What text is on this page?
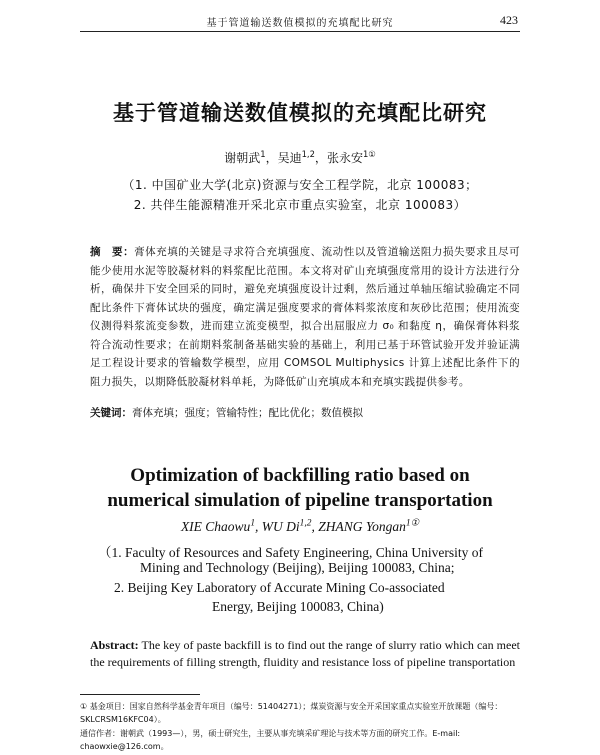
基于管道输送数值模拟的充填配比研究	423
基于管道输送数值模拟的充填配比研究
谢朝武$^1$，吴迪$^{1,2}$，张永安$^{1①}$
（1. 中国矿业大学(北京)资源与安全工程学院，北京 100083；
2. 共伴生能源精准开采北京市重点实验室，北京 100083）
摘　要：膏体充填的关键是寻求符合充填强度、流动性以及管道输送阻力损失要求且尽可能少使用水泥等胶凝材料的料浆配比范围。本文将对矿山充填强度常用的设计方法进行分析，确保井下安全回采的同时，避免充填强度设计过剩，然后通过单轴压缩试验确定不同配比条件下膏体试块的强度，确定满足强度要求的膏体料浆浓度和灰砂比范围；使用流变仪测得料浆流变参数，进而建立流变模型，拟合出屈服应力 σ₀ 和黏度 η，确保膏体料浆符合流动性要求；在前期料浆制备基础实验的基础上，利用已基于环管试验开发并验证满足工程设计要求的管输数学模型，应用 COMSOL Multiphysics 计算上述配比条件下的阻力损失，以期降低胶凝材料单耗，为降低矿山充填成本和充填实践提供参考。
关键词：膏体充填；强度；管输特性；配比优化；数值模拟
Optimization of backfilling ratio based on
numerical simulation of pipeline transportation
XIE Chaowu$^1$, WU Di$^{1,2}$, ZHANG Yongan$^{1①}$
（1. Faculty of Resources and Safety Engineering, China University of
Mining and Technology (Beijing), Beijing 100083, China;
2. Beijing Key Laboratory of Accurate Mining Co-associated
Energy, Beijing 100083, China)
Abstract: The key of paste backfill is to find out the range of slurry ratio which can meet the requirements of filling strength, fluidity and resistance loss of pipeline transportation
① 基金项目：国家自然科学基金青年项目（编号：51404271）；煤炭资源与安全开采国家重点实验室开放课题（编号：SKLCRSM16KFC04）。
通信作者：谢朝武（1993—），男，硕士研究生，主要从事充填采矿理论与技术等方面的研究工作。E-mail: chaowxie@126.com。
